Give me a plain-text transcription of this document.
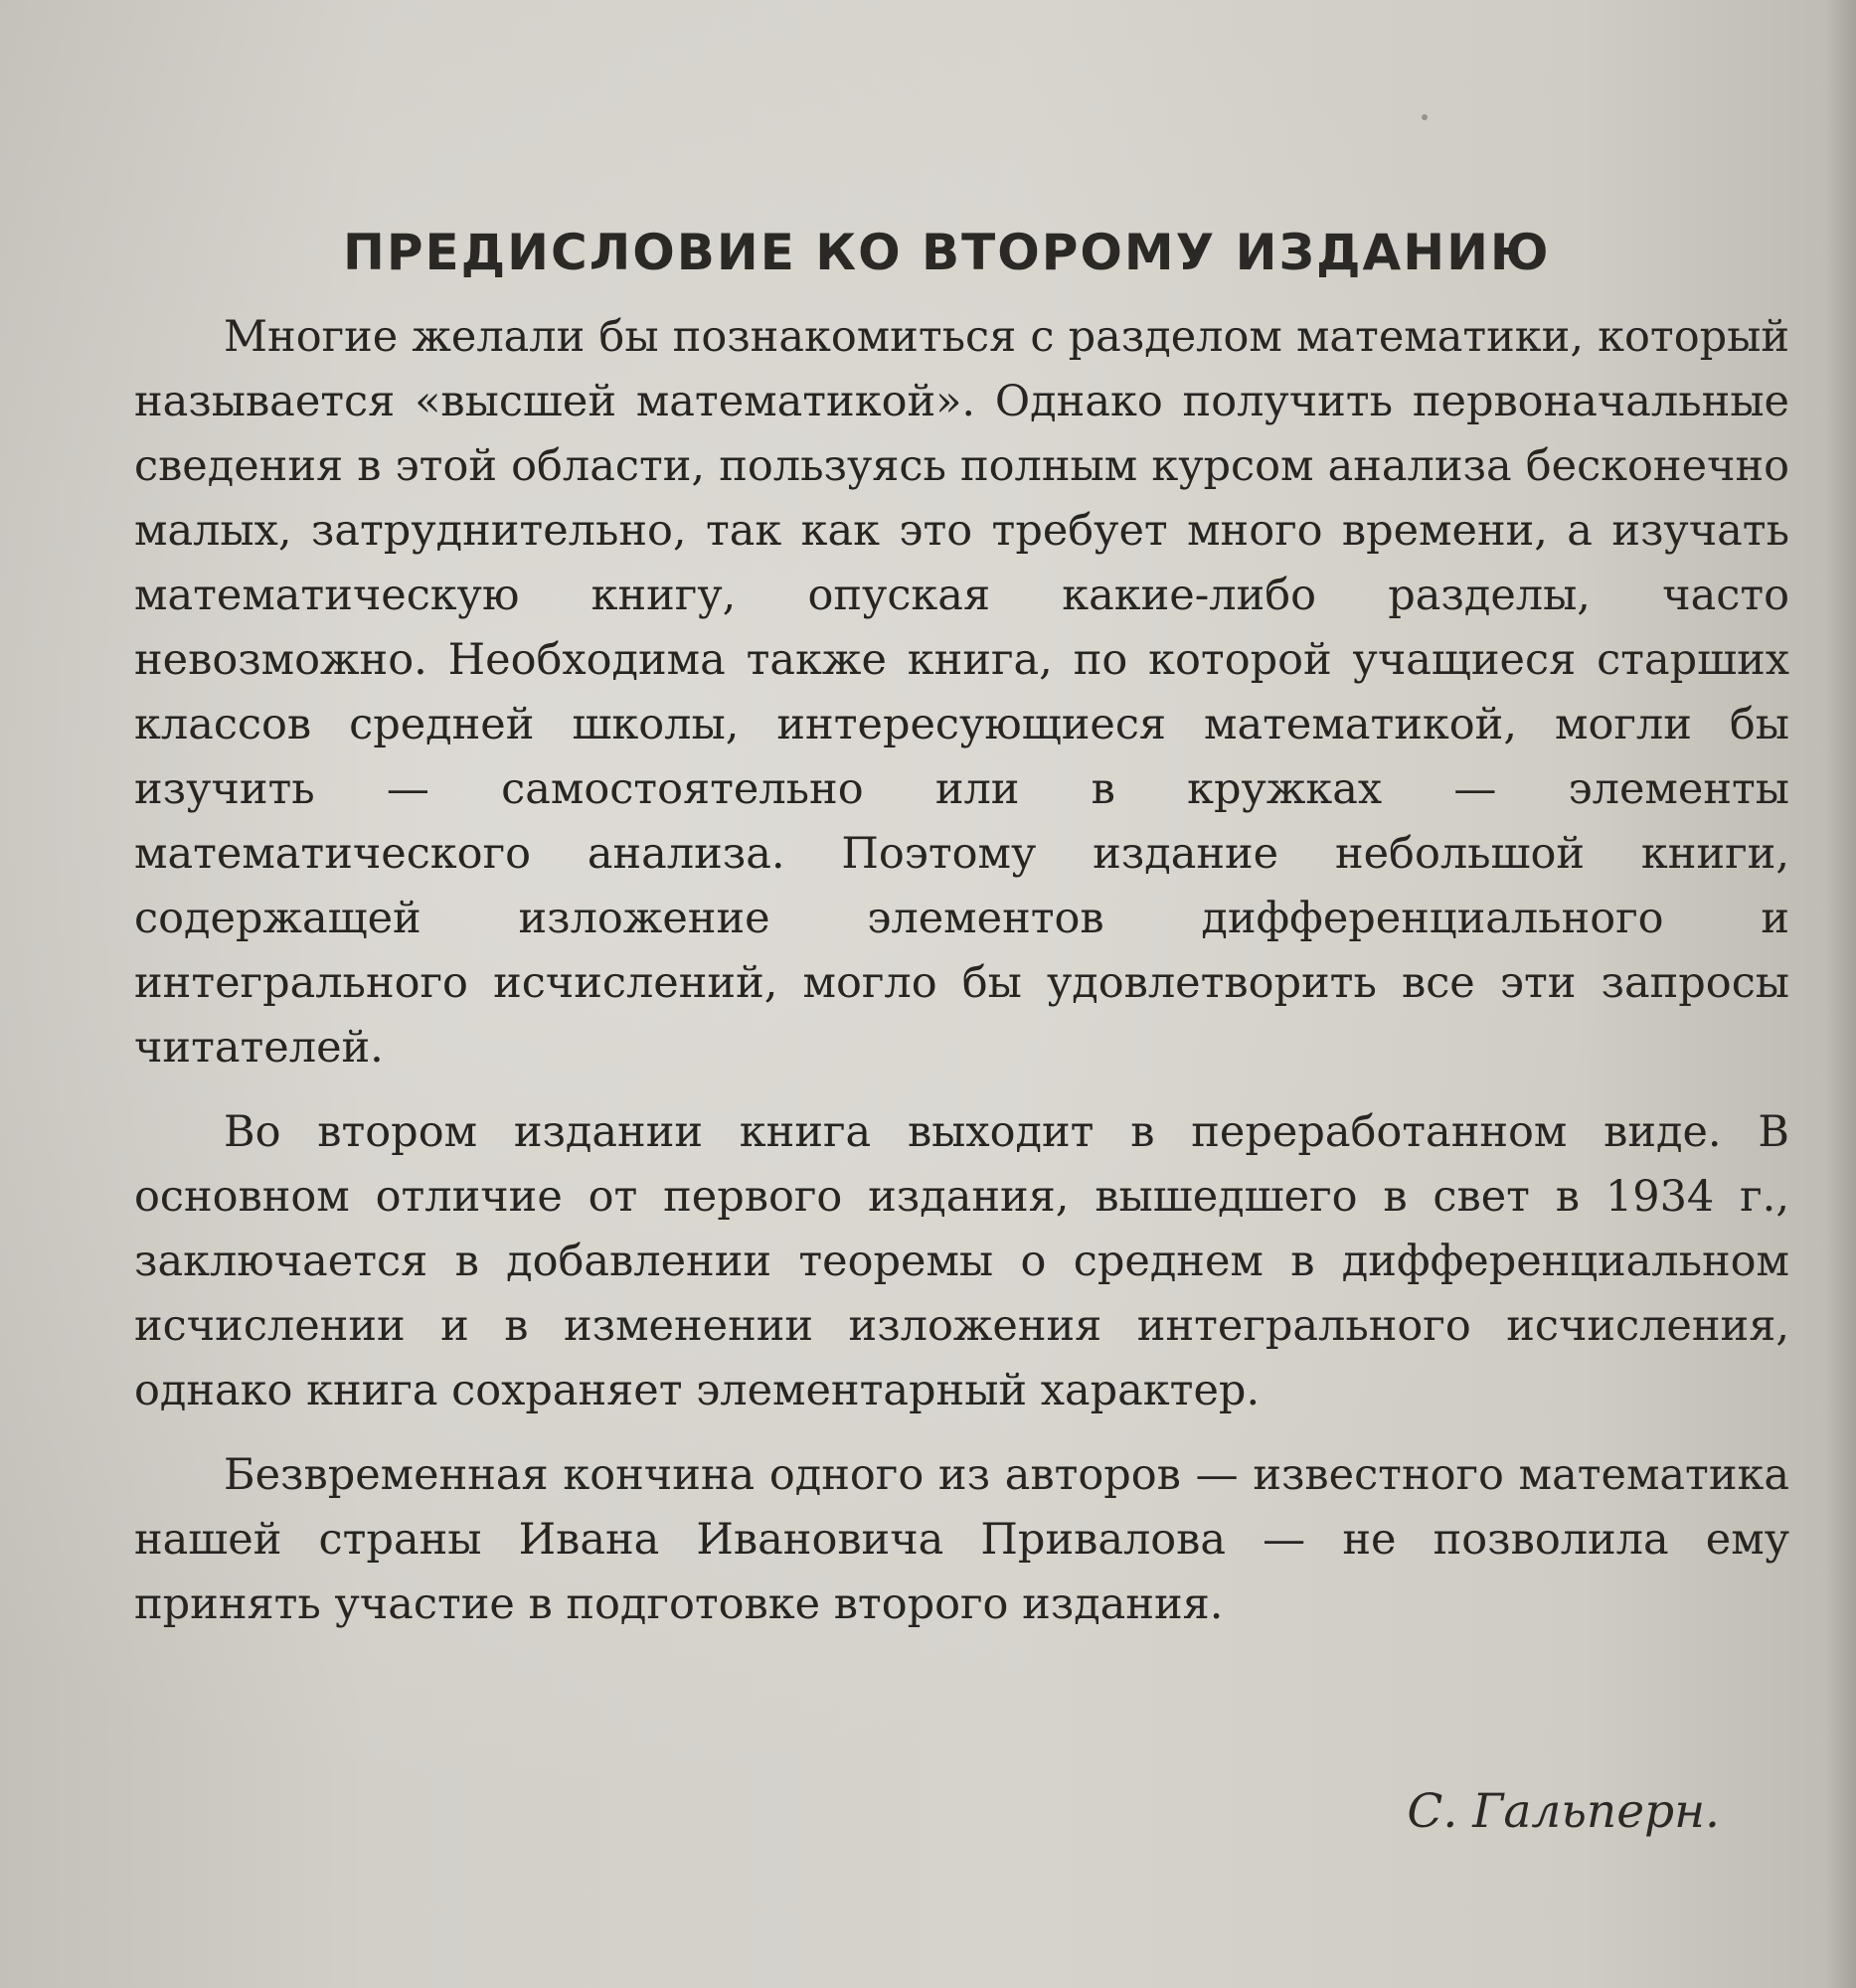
ПРЕДИСЛОВИЕ КО ВТОРОМУ ИЗДАНИЮ

Многие желали бы познакомиться с разделом математики, который называется «высшей математикой». Однако получить первоначальные сведения в этой области, пользуясь полным курсом анализа бесконечно малых, затруднительно, так как это требует много времени, а изучать математическую книгу, опуская какие-либо разделы, часто невозможно. Необходима также книга, по которой учащиеся старших классов средней школы, интересующиеся математикой, могли бы изучить — самостоятельно или в кружках — элементы математического анализа. Поэтому издание небольшой книги, содержащей изложение элементов дифференциального и интегрального исчислений, могло бы удовлетворить все эти запросы читателей.

Во втором издании книга выходит в переработанном виде. В основном отличие от первого издания, вышедшего в свет в 1934 г., заключается в добавлении теоремы о среднем в дифференциальном исчислении и в изменении изложения интегрального исчисления, однако книга сохраняет элементарный характер.

Безвременная кончина одного из авторов — известного математика нашей страны Ивана Ивановича Привалова — не позволила ему принять участие в подготовке второго издания.

С. Гальперн.
